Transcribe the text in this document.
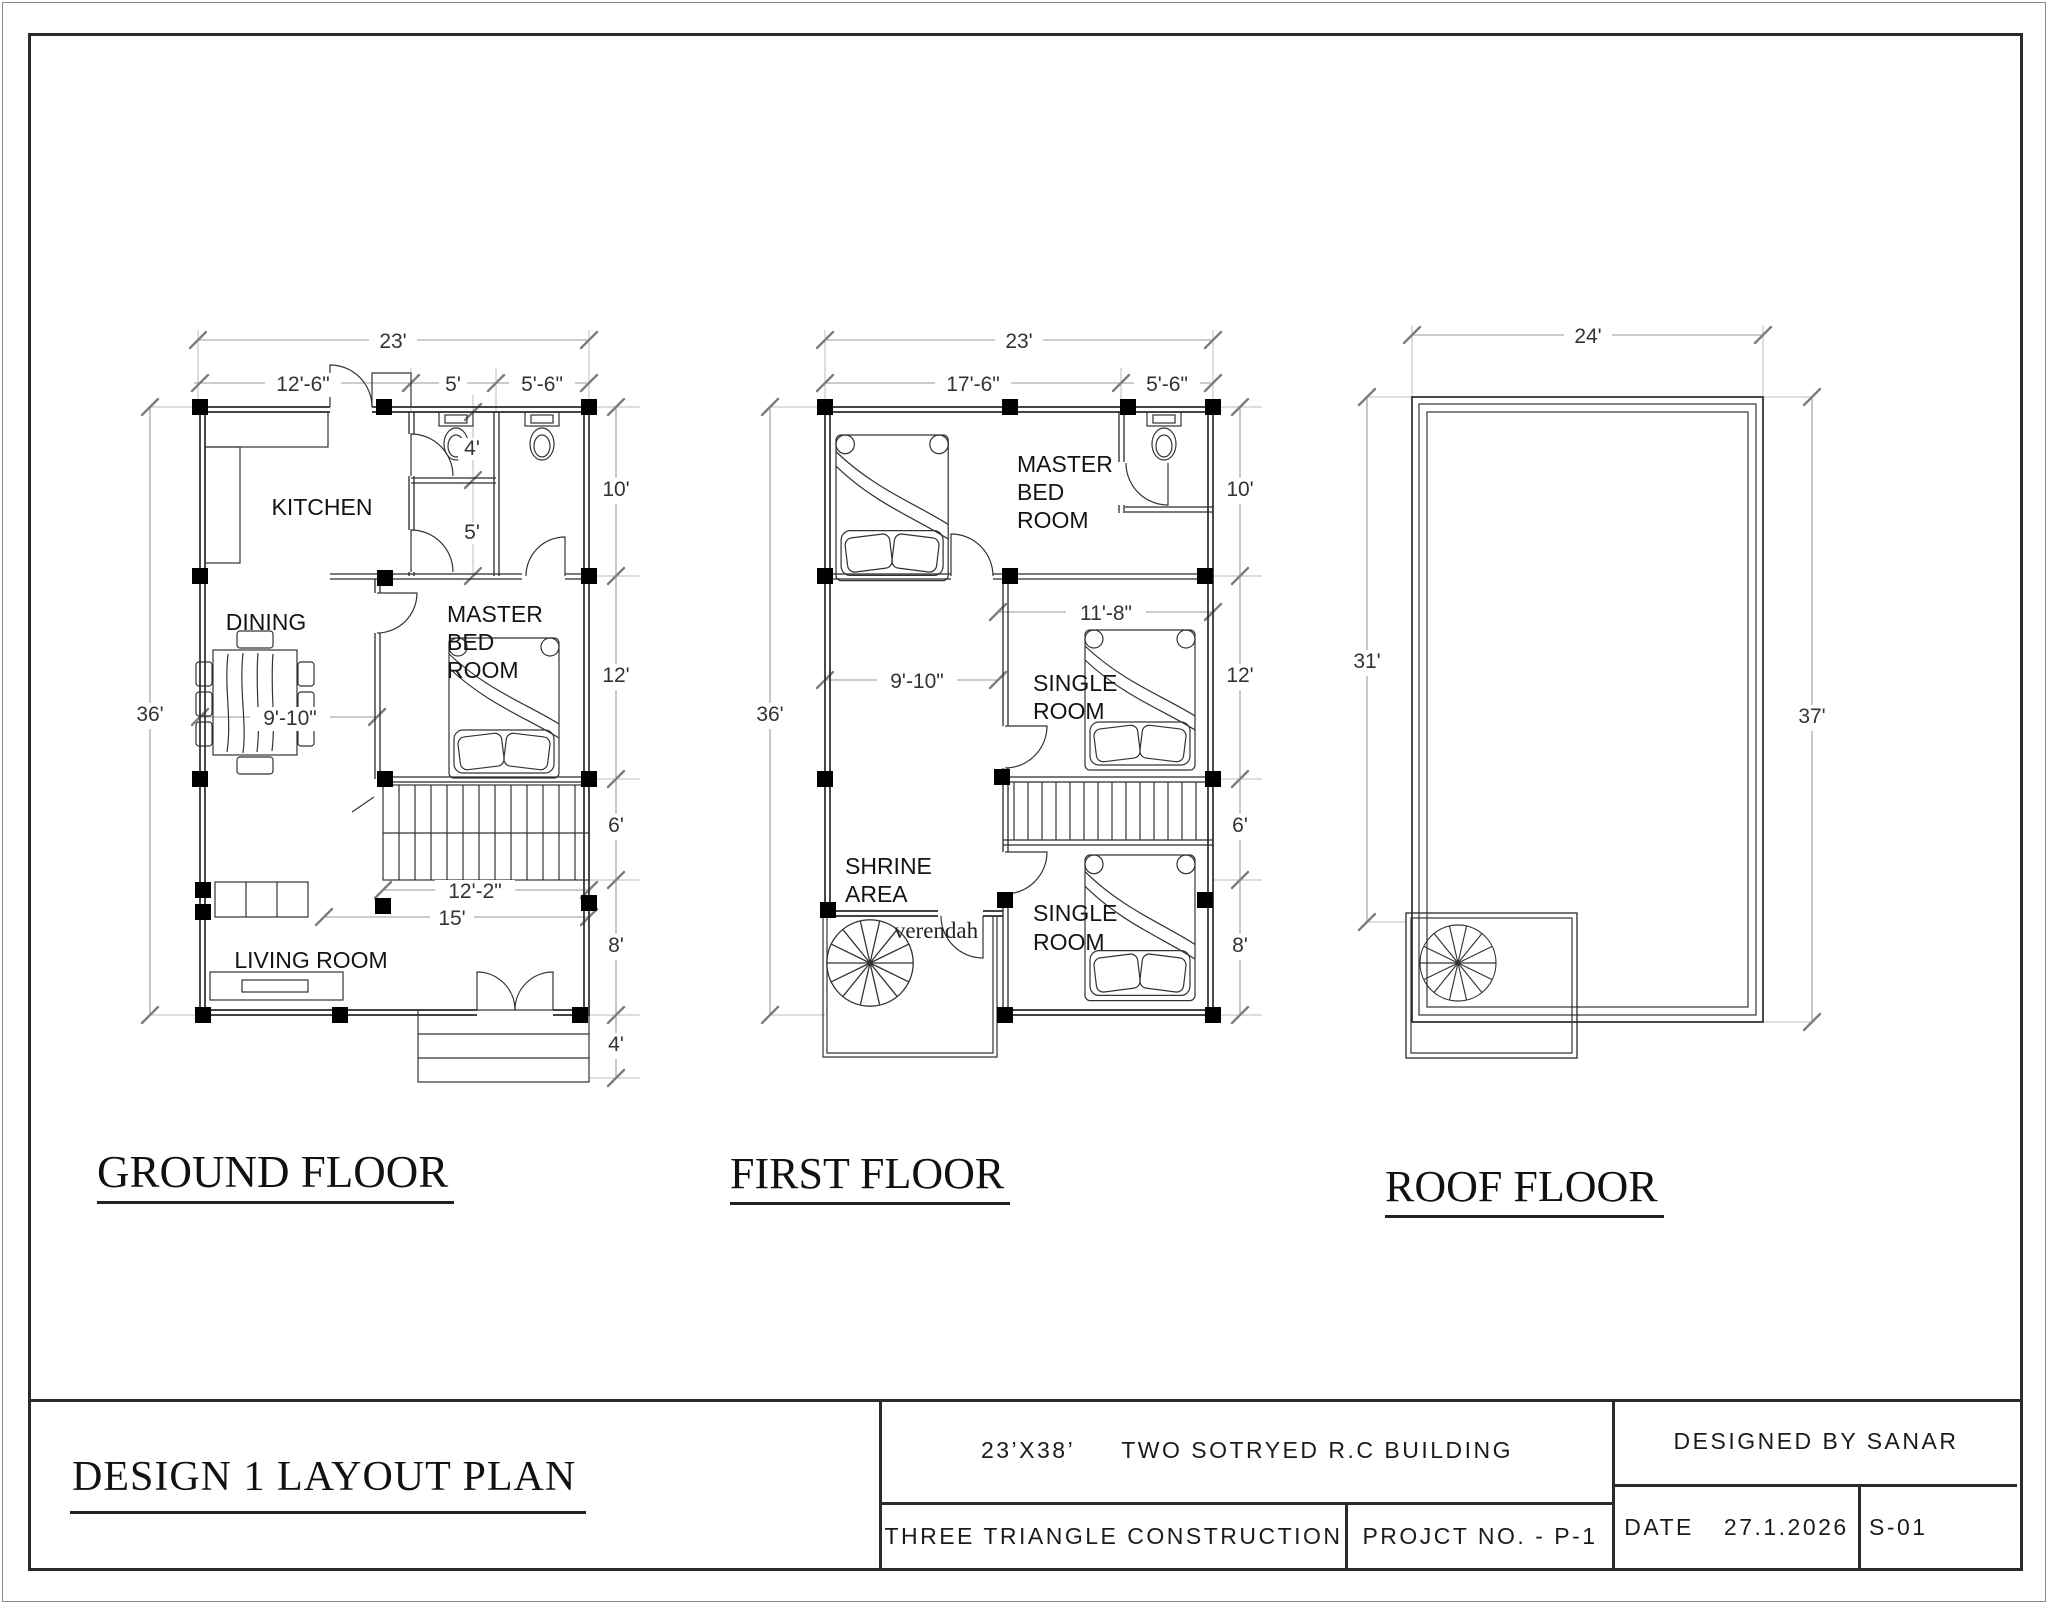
23'
12'-6"	5'	5'-6"
36'
10'
12'
6'
8'
4'
4'
5'
9'-10"
12'-2"
15'
KITCHEN
DINING	MASTER
BED
ROOM
LIVING ROOM
23'
17'-6"	5'-6"
36'
10'
12'
6'
8'
11'-8"
9'-10"
MASTER
BED
ROOM
SINGLE
ROOM
SHRINE
AREA
SINGLE
ROOM
verendah
24'
31'
37'
GROUND FLOOR	FIRST FLOOR	ROOF FLOOR
DESIGN 1 LAYOUT PLAN
23’X38’ TWO SOTRYED R.C BUILDING
THREE TRIANGLE CONSTRUCTION PROJCT NO. - P-1
DESIGNED BY SANAR
DATE 27.1.2026 S-01
